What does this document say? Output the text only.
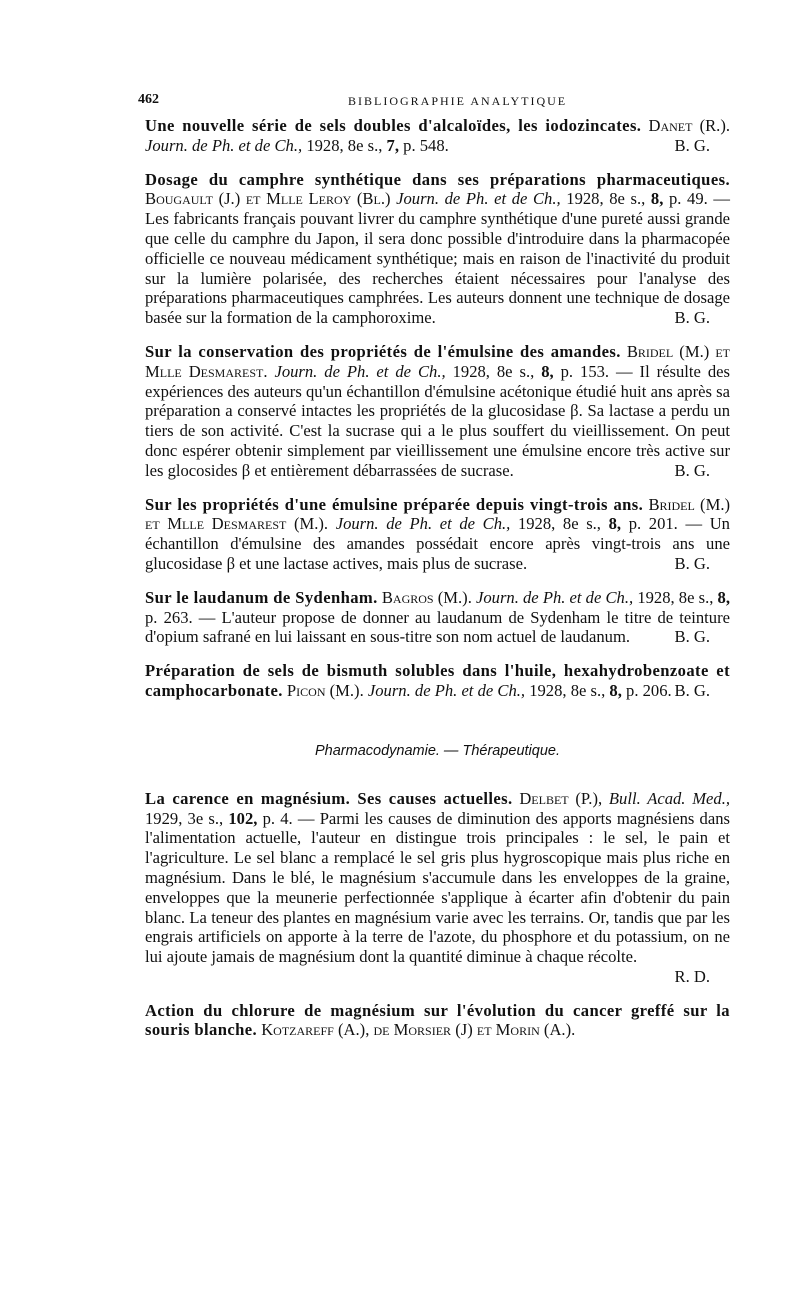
462	BIBLIOGRAPHIE ANALYTIQUE

Une nouvelle série de sels doubles d'alcaloïdes, les iodozincates. Danet (R.). Journ. de Ph. et de Ch., 1928, 8e s., 7, p. 548.	B. G.

Dosage du camphre synthétique dans ses préparations pharmaceutiques. Bougault (J.) et Mlle Leroy (Bl.) Journ. de Ph. et de Ch., 1928, 8e s., 8, p. 49. — Les fabricants français pouvant livrer du camphre synthétique d'une pureté aussi grande que celle du camphre du Japon, il sera donc possible d'introduire dans la pharmacopée officielle ce nouveau médicament synthétique; mais en raison de l'inactivité du produit sur la lumière polarisée, des recherches étaient nécessaires pour l'analyse des préparations pharmaceutiques camphrées. Les auteurs donnent une technique de dosage basée sur la formation de la camphoroxime.	B. G.

Sur la conservation des propriétés de l'émulsine des amandes. Bridel (M.) et Mlle Desmarest. Journ. de Ph. et de Ch., 1928, 8e s., 8, p. 153. — Il résulte des expériences des auteurs qu'un échantillon d'émulsine acétonique étudié huit ans après sa préparation a conservé intactes les propriétés de la glucosidase β. Sa lactase a perdu un tiers de son activité. C'est la sucrase qui a le plus souffert du vieillissement. On peut donc espérer obtenir simplement par vieillissement une émulsine encore très active sur les glocosides β et entièrement débarrassées de sucrase.	B. G.

Sur les propriétés d'une émulsine préparée depuis vingt-trois ans. Bridel (M.) et Mlle Desmarest (M.). Journ. de Ph. et de Ch., 1928, 8e s., 8, p. 201. — Un échantillon d'émulsine des amandes possédait encore après vingt-trois ans une glucosidase β et une lactase actives, mais plus de sucrase.	B. G.

Sur le laudanum de Sydenham. Bagros (M.). Journ. de Ph. et de Ch., 1928, 8e s., 8, p. 263. — L'auteur propose de donner au laudanum de Sydenham le titre de teinture d'opium safrané en lui laissant en sous-titre son nom actuel de laudanum.	B. G.

Préparation de sels de bismuth solubles dans l'huile, hexahydrobenzoate et camphocarbonate. Picon (M.). Journ. de Ph. et de Ch., 1928, 8e s., 8, p. 206. B. G.

Pharmacodynamie. — Thérapeutique.

La carence en magnésium. Ses causes actuelles. Delbet (P.), Bull. Acad. Med., 1929, 3e s., 102, p. 4. — Parmi les causes de diminution des apports magnésiens dans l'alimentation actuelle, l'auteur en distingue trois principales : le sel, le pain et l'agriculture. Le sel blanc a remplacé le sel gris plus hygroscopique mais plus riche en magnésium. Dans le blé, le magnésium s'accumule dans les enveloppes de la graine, enveloppes que la meunerie perfectionnée s'applique à écarter afin d'obtenir du pain blanc. La teneur des plantes en magnésium varie avec les terrains. Or, tandis que par les engrais artificiels on apporte à la terre de l'azote, du phosphore et du potassium, on ne lui ajoute jamais de magnésium dont la quantité diminue à chaque récolte.
R. D.

Action du chlorure de magnésium sur l'évolution du cancer greffé sur la souris blanche. Kotzareff (A.), de Morsier (J) et Morin (A.).
